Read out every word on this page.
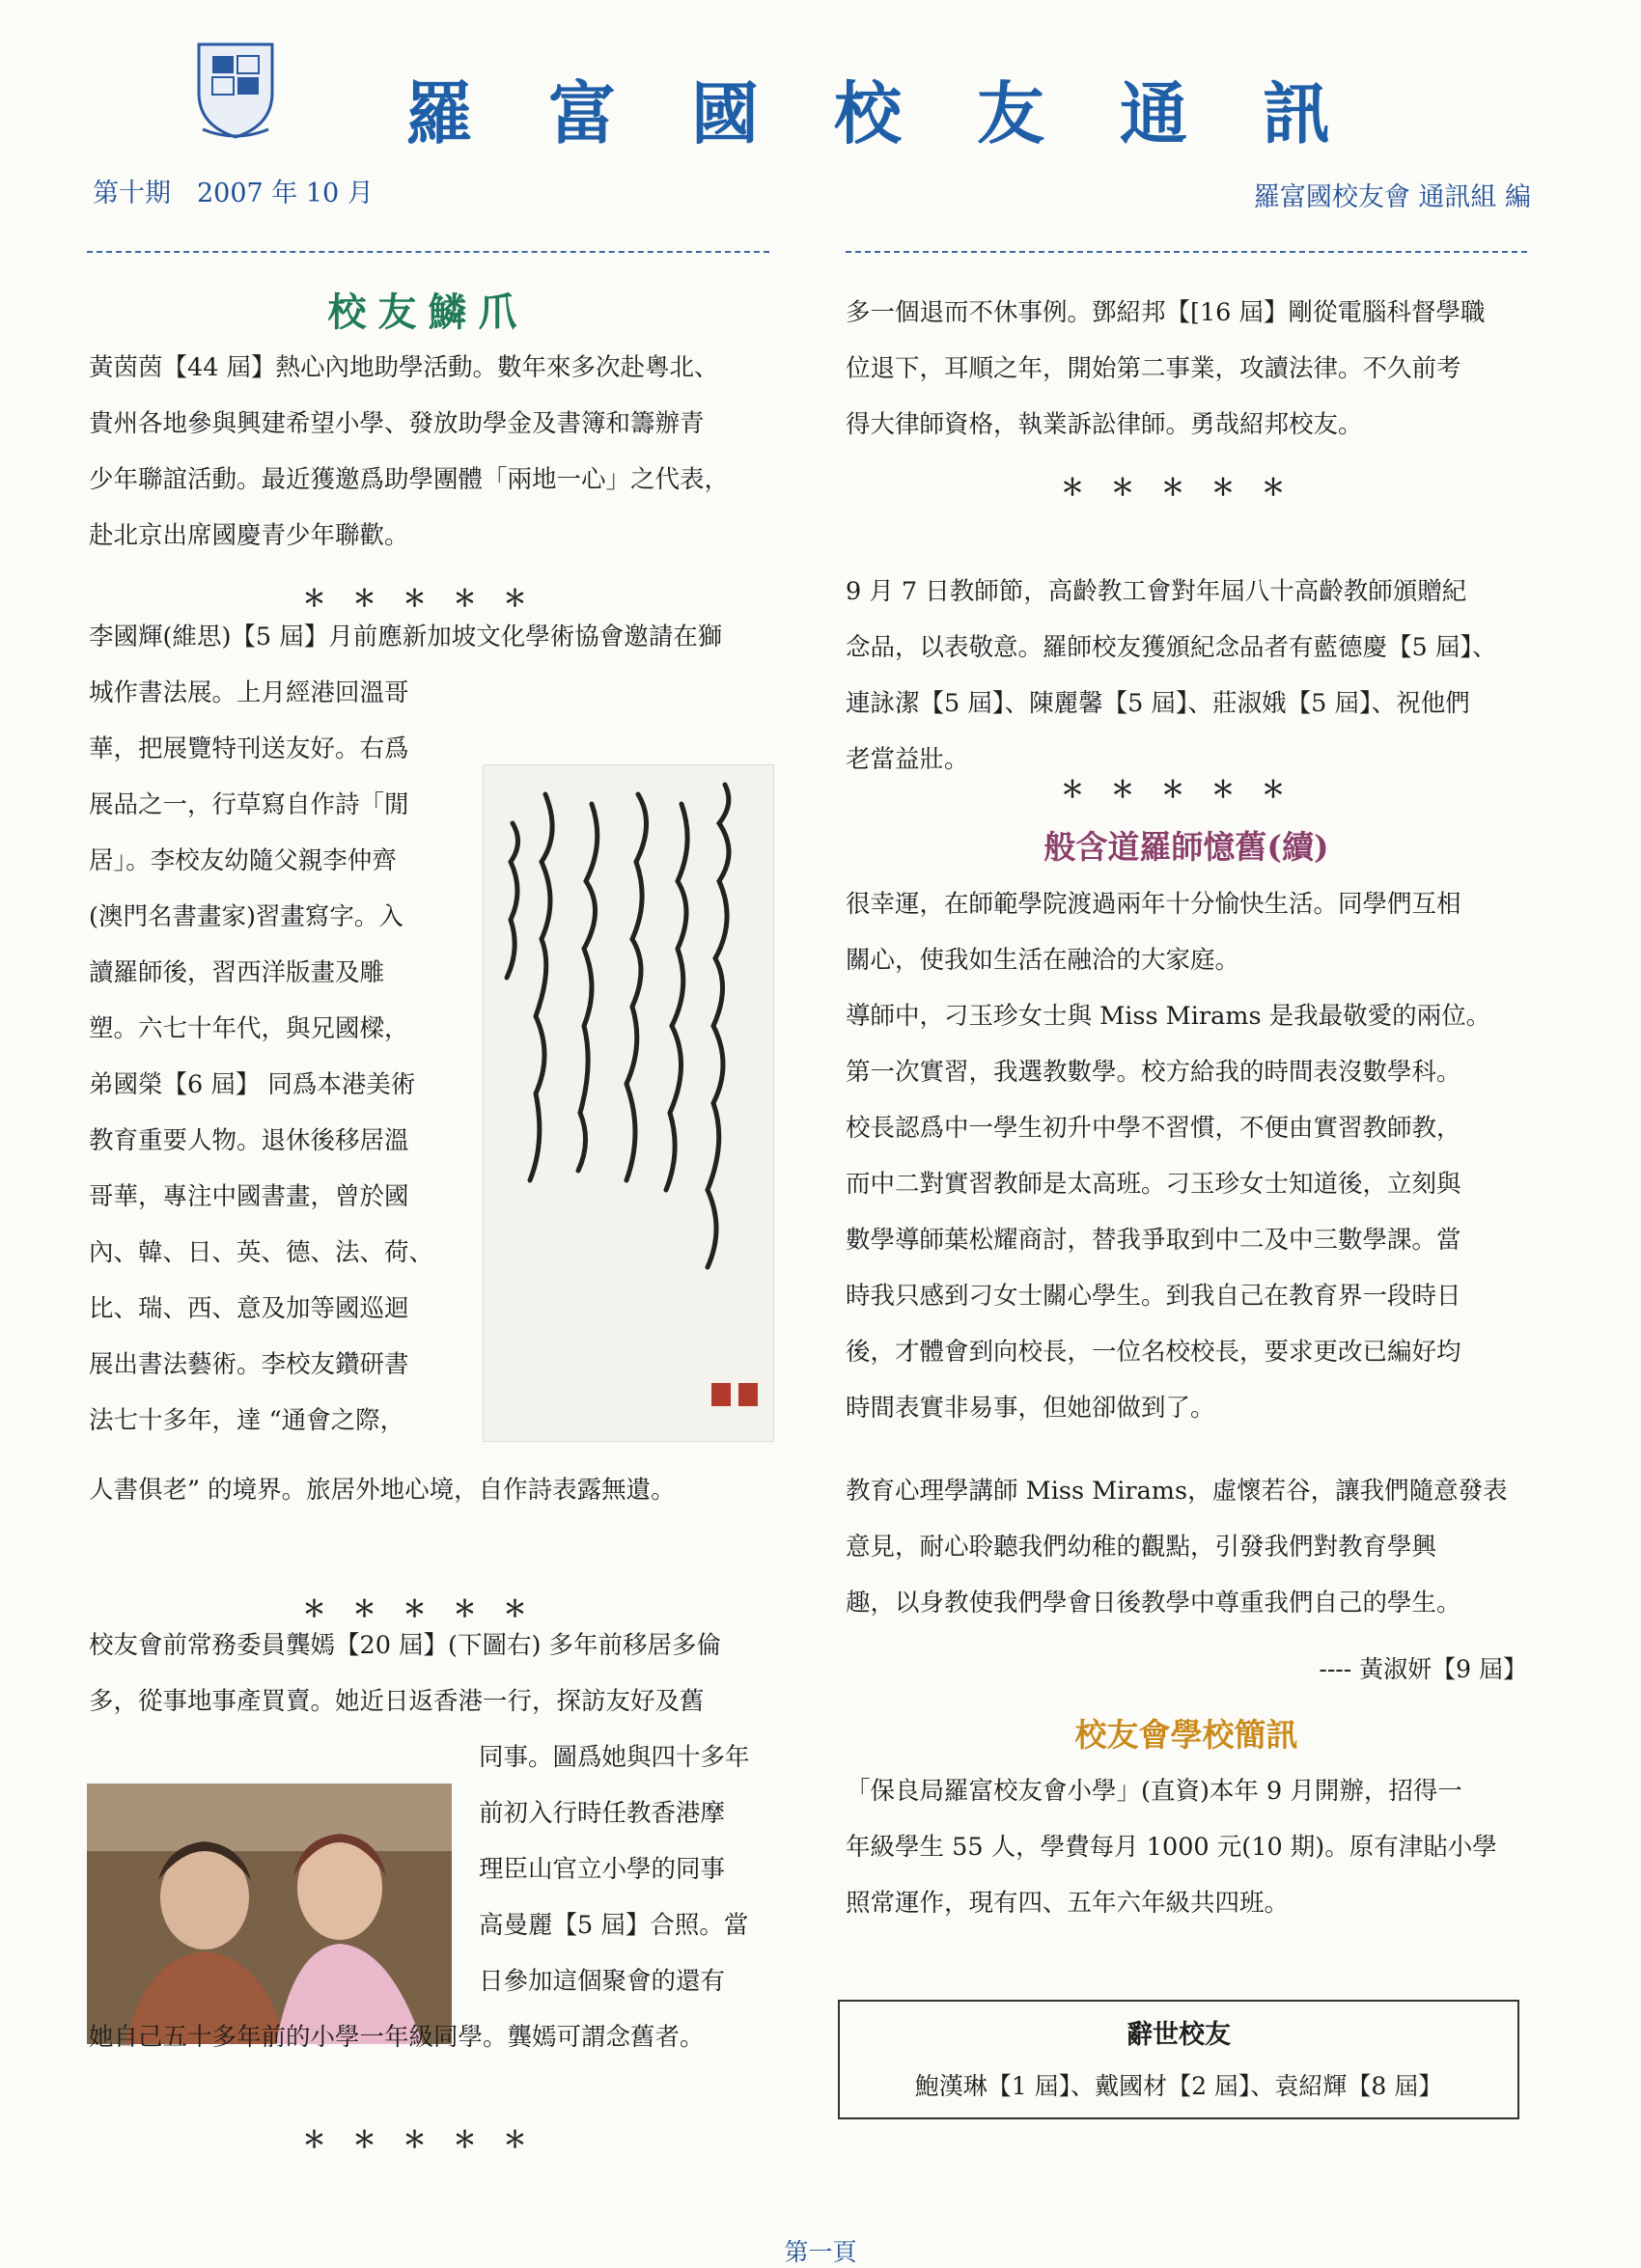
羅富國校友通訊
第十期　2007 年 10 月	羅富國校友會 通訊組 編
校友鱗爪
黃茵茵【44 屆】熱心內地助學活動。數年來多次赴粵北、
貴州各地參與興建希望小學、發放助學金及書簿和籌辦青
少年聯誼活動。最近獲邀爲助學團體「兩地一心」之代表，
赴北京出席國慶青少年聯歡。
＊＊＊＊＊
李國輝(維思)【5 屆】月前應新加坡文化學術協會邀請在獅
城作書法展。上月經港回溫哥
華，把展覽特刊送友好。右爲
展品之一，行草寫自作詩「閒
居」。李校友幼隨父親李仲齊
(澳門名書畫家)習畫寫字。入
讀羅師後，習西洋版畫及雕
塑。六七十年代，與兄國樑，
弟國榮【6 屆】 同爲本港美術
教育重要人物。退休後移居溫
哥華，專注中國書畫，曾於國
內、韓、日、英、德、法、荷、
比、瑞、西、意及加等國巡迴
展出書法藝術。李校友鑽研書
法七十多年，達 “通會之際，
人書俱老” 的境界。旅居外地心境，自作詩表露無遺。
＊＊＊＊＊
校友會前常務委員龔嫣【20 屆】(下圖右) 多年前移居多倫
多，從事地事產買賣。她近日返香港一行，探訪友好及舊
同事。圖爲她與四十多年
前初入行時任教香港摩
理臣山官立小學的同事
高曼麗【5 屆】合照。當
日參加這個聚會的還有
她自己五十多年前的小學一年級同學。龔嫣可謂念舊者。
＊＊＊＊＊
多一個退而不休事例。鄧紹邦【[16 屆】剛從電腦科督學職
位退下，耳順之年，開始第二事業，攻讀法律。不久前考
得大律師資格，執業訴訟律師。勇哉紹邦校友。
＊＊＊＊＊
9 月 7 日教師節，高齡教工會對年屆八十高齡教師頒贈紀
念品，以表敬意。羅師校友獲頒紀念品者有藍德慶【5 屆】、
連詠潔【5 屆】、陳麗馨【5 屆】、莊淑娥【5 屆】、祝他們
老當益壯。
＊＊＊＊＊
般含道羅師憶舊(續)
很幸運，在師範學院渡過兩年十分愉快生活。同學們互相
關心，使我如生活在融洽的大家庭。
導師中，刁玉珍女士與 Miss Mirams 是我最敬愛的兩位。
第一次實習，我選教數學。校方給我的時間表沒數學科。
校長認爲中一學生初升中學不習慣，不便由實習教師教，
而中二對實習教師是太高班。刁玉珍女士知道後，立刻與
數學導師葉松耀商討，替我爭取到中二及中三數學課。當
時我只感到刁女士關心學生。到我自己在教育界一段時日
後，才體會到向校長，一位名校校長，要求更改已編好均
時間表實非易事，但她卻做到了。
教育心理學講師 Miss Mirams，虛懷若谷，讓我們隨意發表
意見，耐心聆聽我們幼稚的觀點，引發我們對教育學興
趣，以身教使我們學會日後教學中尊重我們自己的學生。
---- 黃淑妍【9 屆】
校友會學校簡訊
「保良局羅富校友會小學」(直資)本年 9 月開辦，招得一
年級學生 55 人，學費每月 1000 元(10 期)。原有津貼小學
照常運作，現有四、五年六年級共四班。
辭世校友
鮑漢琳【1 屆】、戴國材【2 屆】、袁紹輝【8 屆】
第一頁
